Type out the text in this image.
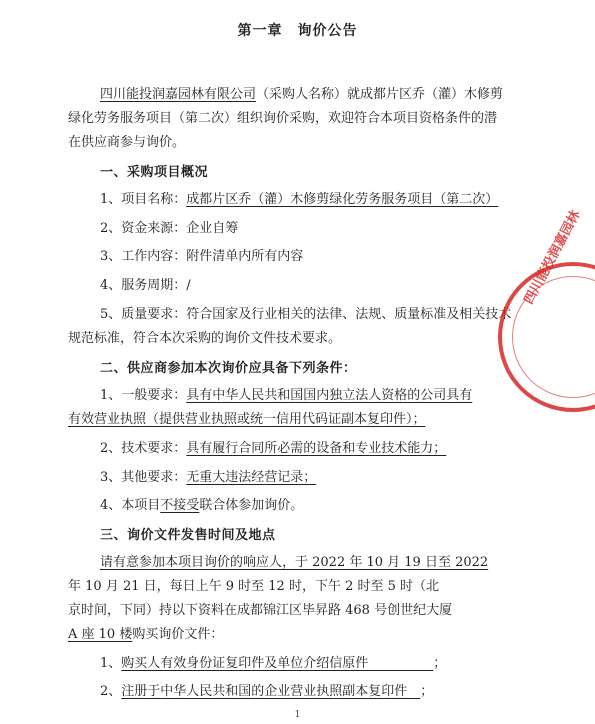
第一章　询价公告
四川能投润嘉园林有限公司（采购人名称）就成都片区乔（灌）木修剪
绿化劳务服务项目（第二次）组织询价采购，欢迎符合本项目资格条件的潜
在供应商参与询价。
一、采购项目概况
1、项目名称：成都片区乔（灌）木修剪绿化劳务服务项目（第二次）
2、资金来源：企业自筹
3、工作内容：附件清单内所有内容
4、服务周期：/
5、质量要求：符合国家及行业相关的法律、法规、质量标准及相关技术
规范标准，符合本次采购的询价文件技术要求。
二、供应商参加本次询价应具备下列条件：
1、一般要求：具有中华人民共和国国内独立法人资格的公司具有
有效营业执照（提供营业执照或统一信用代码证副本复印件）；
2、技术要求：具有履行合同所必需的设备和专业技术能力；
3、其他要求：无重大违法经营记录；
4、本项目不接受联合体参加询价。
三、询价文件发售时间及地点
请有意参加本项目询价的响应人，于 2022 年 10 月 19 日至 2022
年 10 月 21 日，每日上午 9 时至 12 时，下午 2 时至 5 时（北
京时间，下同）持以下资料在成都锦江区毕昇路 468 号创世纪大厦
A 座 10 楼购买询价文件：
1、购买人有效身份证复印件及单位介绍信原件　　　　　；
2、注册于中华人民共和国的企业营业执照副本复印件　；
四川能投润嘉园林
1
